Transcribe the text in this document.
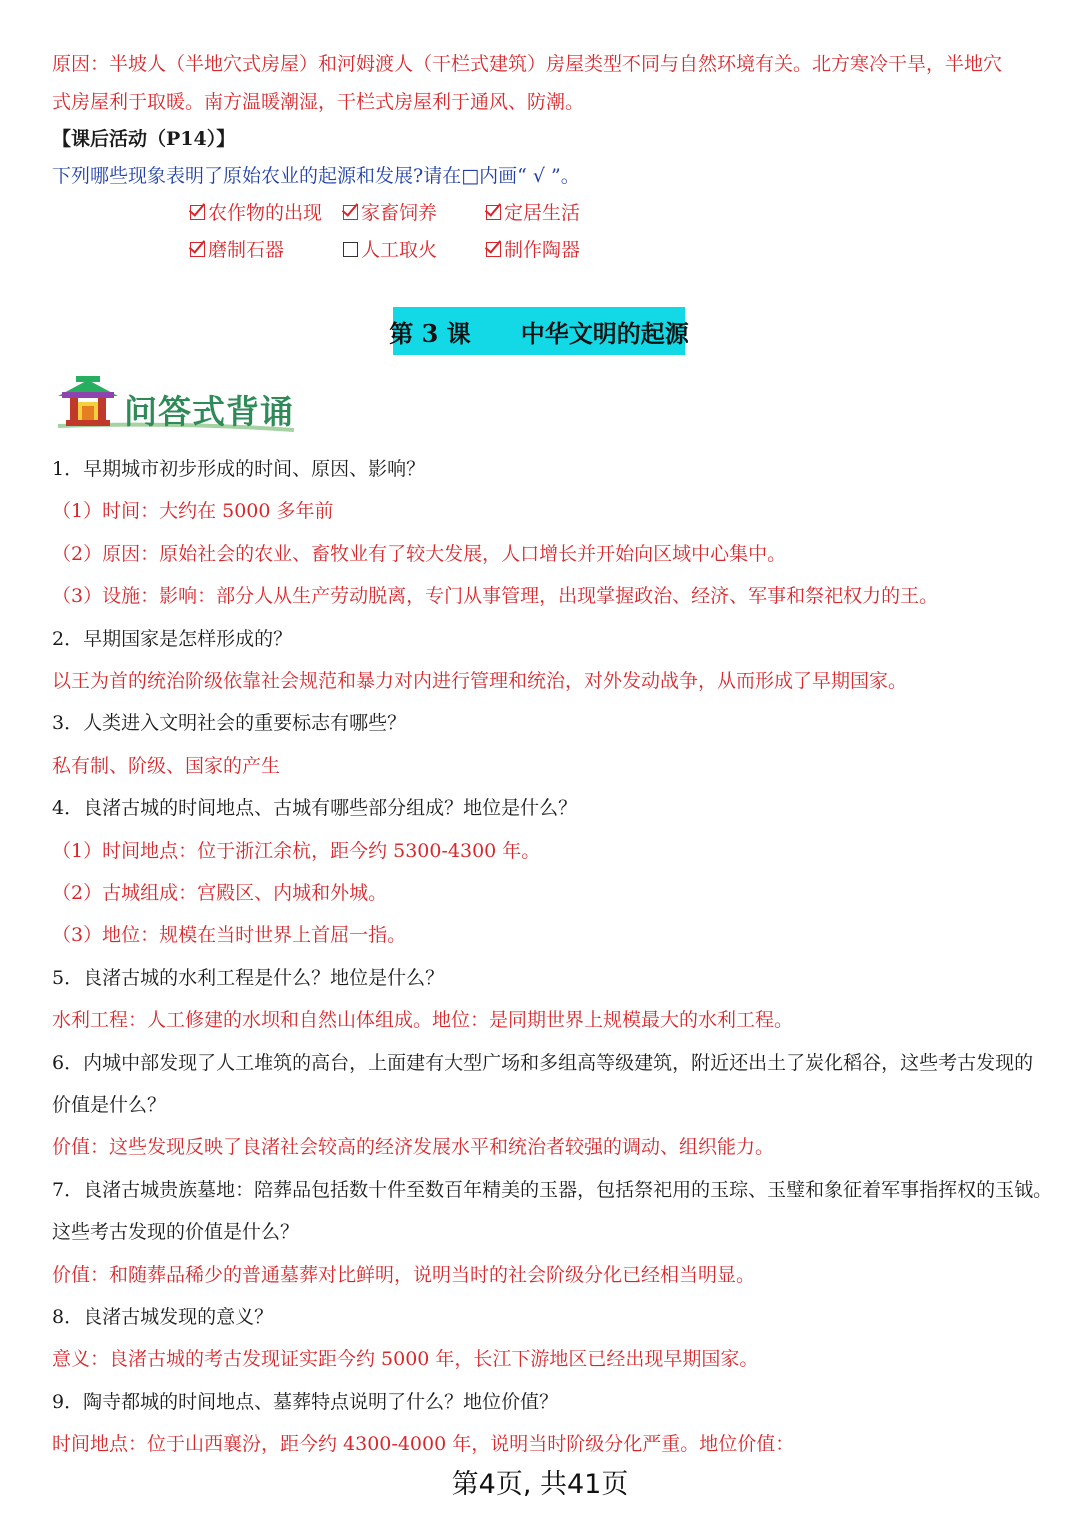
原因：半坡人（半地穴式房屋）和河姆渡人（干栏式建筑）房屋类型不同与自然环境有关。北方寒冷干旱，半地穴
式房屋利于取暖。南方温暖潮湿，干栏式房屋利于通风、防潮。
【课后活动（P14）】
下列哪些现象表明了原始农业的起源和发展?请在□内画“ √ ”。
农作物的出现	家畜饲养	定居生活
磨制石器	人工取火	制作陶器
第 3 课      中华文明的起源
问答式背诵
1．早期城市初步形成的时间、原因、影响？
（1）时间：大约在 5000 多年前
（2）原因：原始社会的农业、畜牧业有了较大发展，人口增长并开始向区域中心集中。
（3）设施：影响：部分人从生产劳动脱离，专门从事管理，出现掌握政治、经济、军事和祭祀权力的王。
2．早期国家是怎样形成的？
以王为首的统治阶级依靠社会规范和暴力对内进行管理和统治，对外发动战争，从而形成了早期国家。
3．人类进入文明社会的重要标志有哪些？
私有制、阶级、国家的产生
4．良渚古城的时间地点、古城有哪些部分组成？地位是什么？
（1）时间地点：位于浙江余杭，距今约 5300-4300 年。
（2）古城组成：宫殿区、内城和外城。
（3）地位：规模在当时世界上首屈一指。
5．良渚古城的水利工程是什么？地位是什么？
水利工程：人工修建的水坝和自然山体组成。地位：是同期世界上规模最大的水利工程。
6．内城中部发现了人工堆筑的高台，上面建有大型广场和多组高等级建筑，附近还出土了炭化稻谷，这些考古发现的
价值是什么？
价值：这些发现反映了良渚社会较高的经济发展水平和统治者较强的调动、组织能力。
7．良渚古城贵族墓地：陪葬品包括数十件至数百年精美的玉器，包括祭祀用的玉琮、玉璧和象征着军事指挥权的玉钺。
这些考古发现的价值是什么？
价值：和随葬品稀少的普通墓葬对比鲜明，说明当时的社会阶级分化已经相当明显。
8．良渚古城发现的意义？
意义：良渚古城的考古发现证实距今约 5000 年，长江下游地区已经出现早期国家。
9．陶寺都城的时间地点、墓葬特点说明了什么？地位价值？
时间地点：位于山西襄汾，距今约 4300-4000 年，说明当时阶级分化严重。地位价值：
第4页, 共41页
